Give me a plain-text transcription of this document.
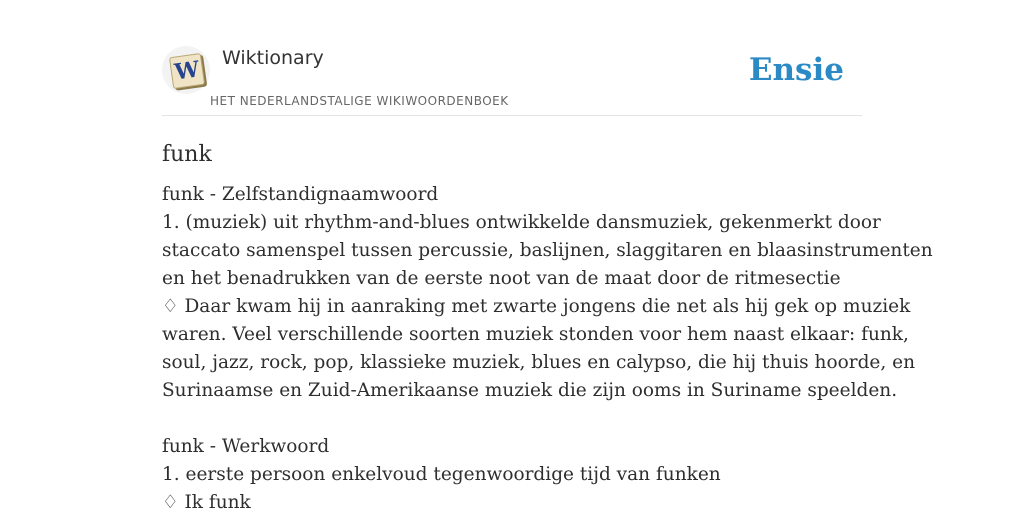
W Wiktionary
HET NEDERLANDSTALIGE WIKIWOORDENBOEK
Ensie
funk
funk - Zelfstandignaamwoord
1. (muziek) uit rhythm-and-blues ontwikkelde dansmuziek, gekenmerkt door
staccato samenspel tussen percussie, baslijnen, slaggitaren en blaasinstrumenten
en het benadrukken van de eerste noot van de maat door de ritmesectie
♢ Daar kwam hij in aanraking met zwarte jongens die net als hij gek op muziek
waren. Veel verschillende soorten muziek stonden voor hem naast elkaar: funk,
soul, jazz, rock, pop, klassieke muziek, blues en calypso, die hij thuis hoorde, en
Surinaamse en Zuid-Amerikaanse muziek die zijn ooms in Suriname speelden.
funk - Werkwoord
1. eerste persoon enkelvoud tegenwoordige tijd van funken
♢ Ik funk
